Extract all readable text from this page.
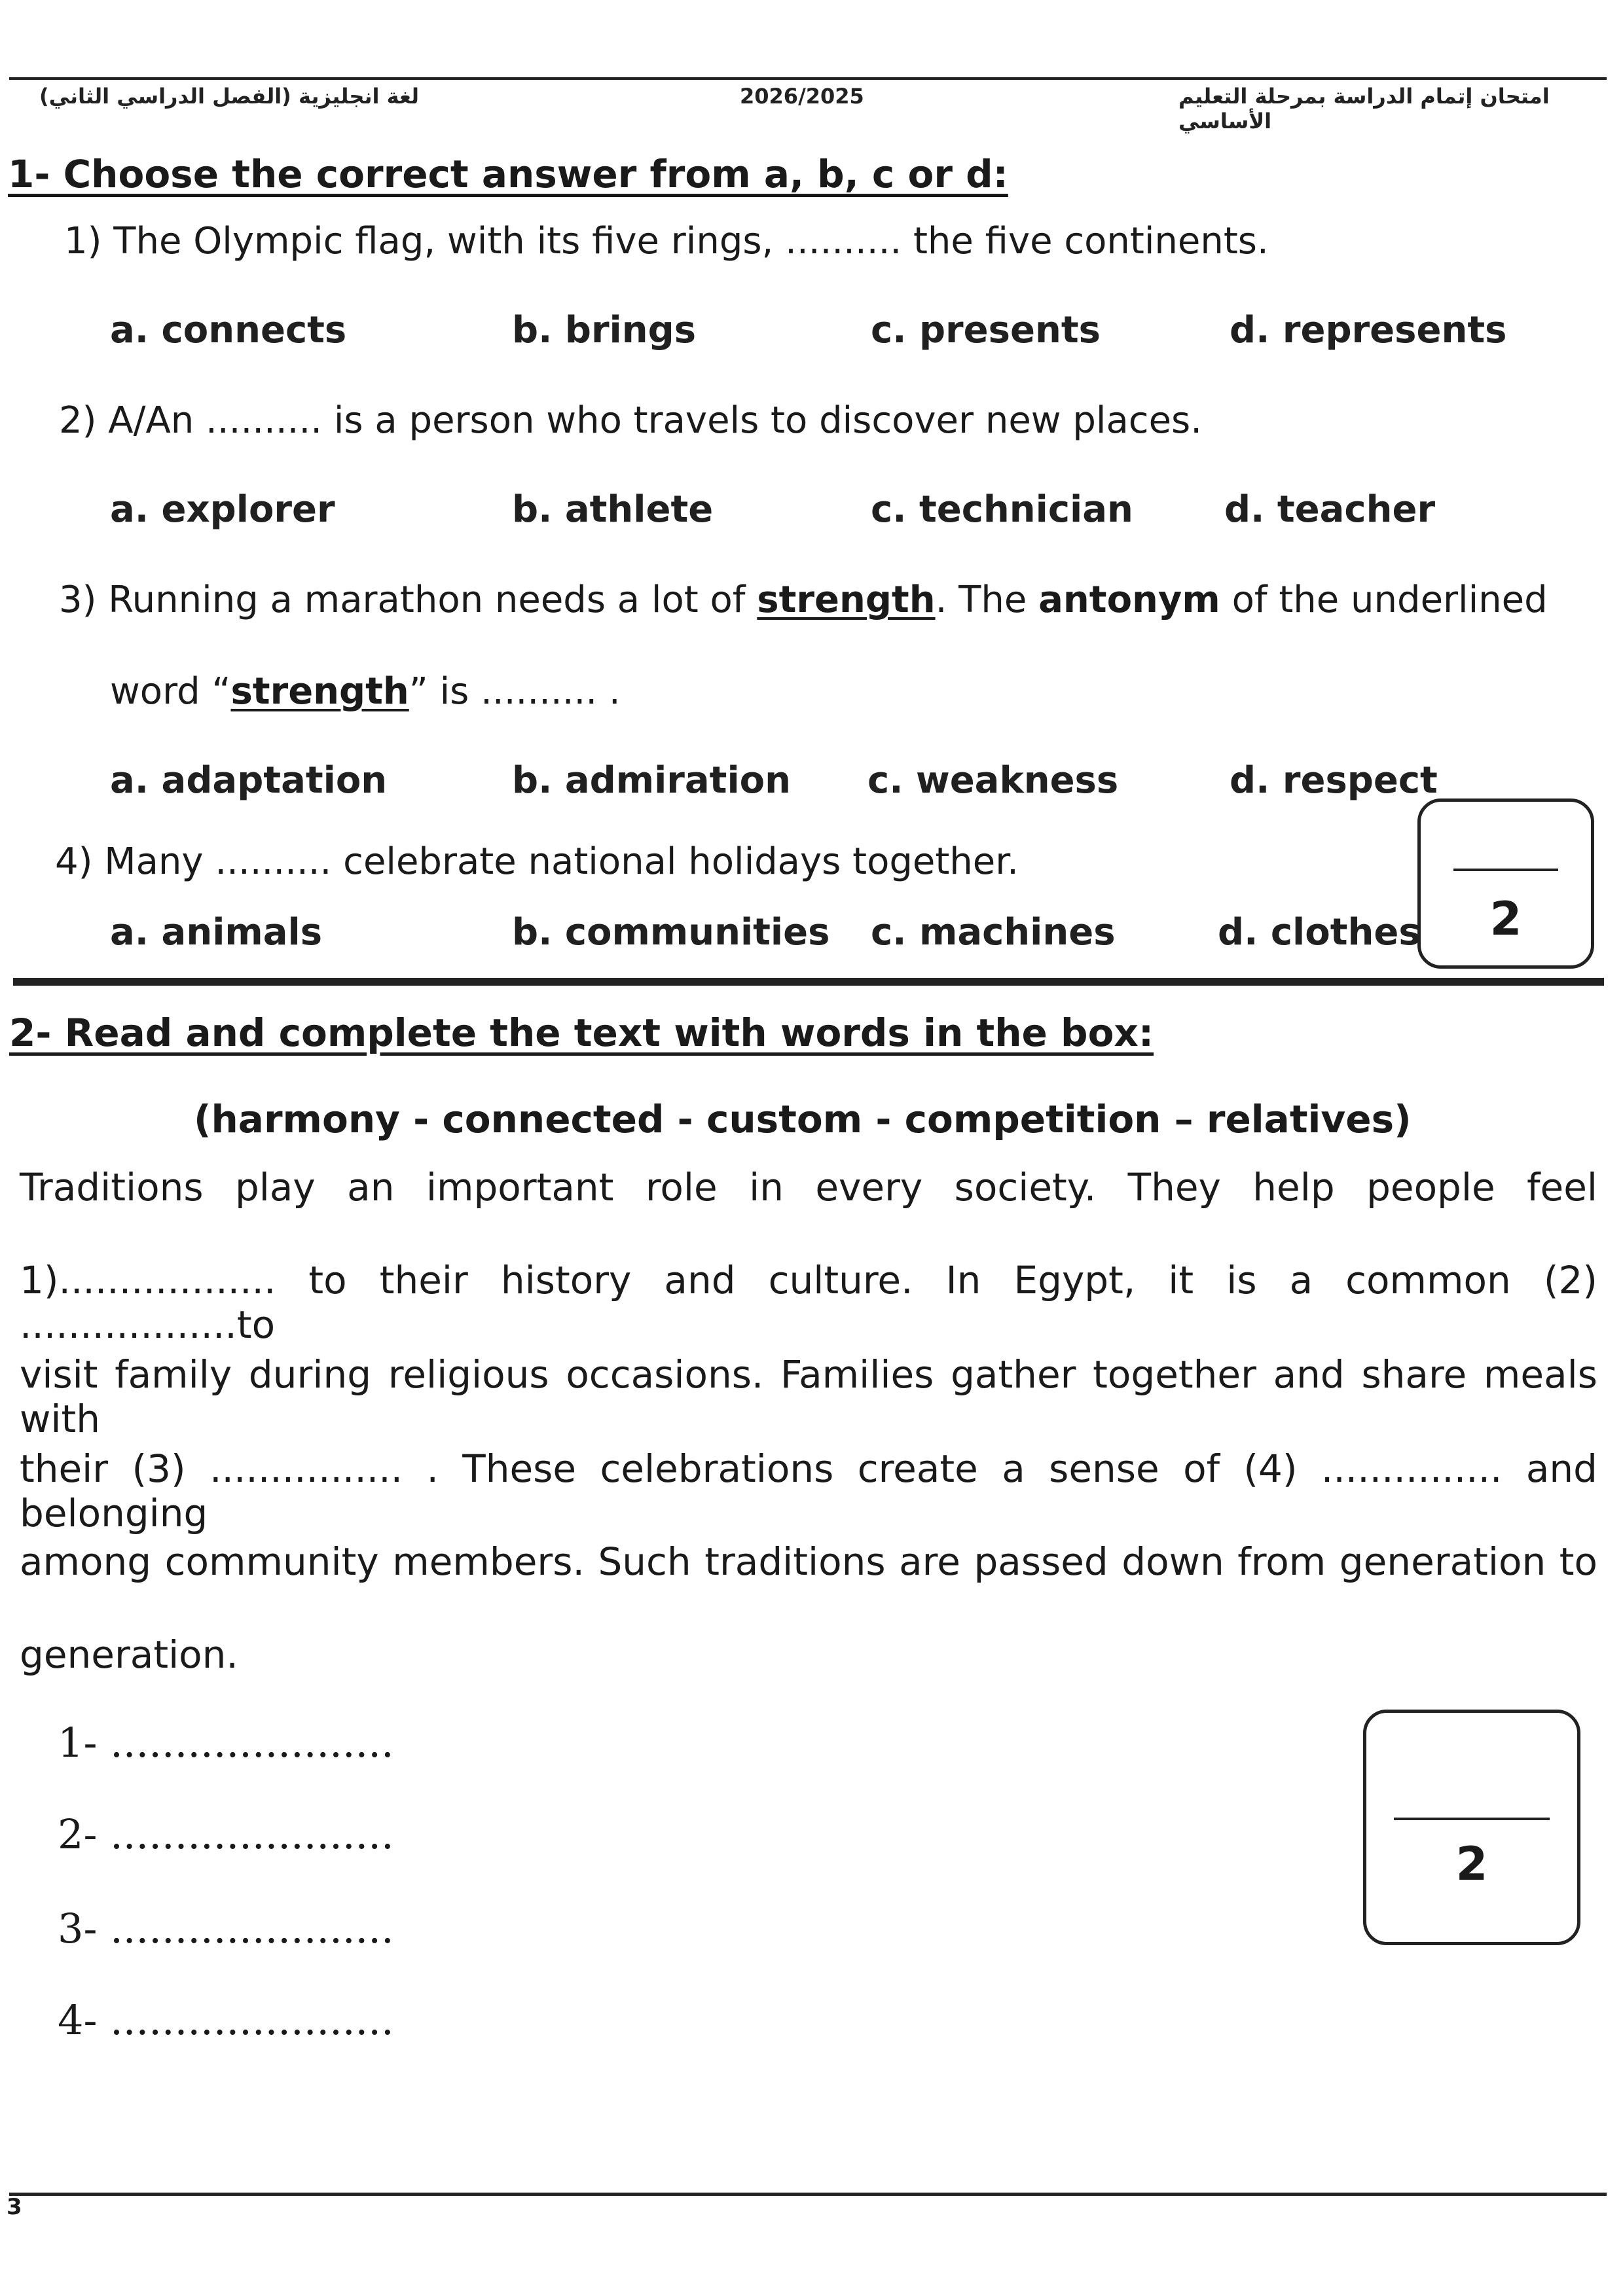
لغة انجليزية (الفصل الدراسي الثاني)	2026/2025	امتحان إتمام الدراسة بمرحلة التعليم الأساسي
1- Choose the correct answer from a, b, c or d:
1) The Olympic flag, with its five rings, .......... the five continents.
a. connects	b. brings	c. presents	d. represents
2) A/An .......... is a person who travels to discover new places.
a. explorer	b. athlete	c. technician d. teacher
3) Running a marathon needs a lot of strength. The antonym of the underlined
word “strength” is .......... .
a. adaptation	b. admiration c. weakness	d. respect
4) Many .......... celebrate national holidays together.
a. animals	b. communities c. machines	d. clothes	2
2- Read and complete the text with words in the box:
(harmony - connected - custom - competition – relatives)
Traditions play an important role in every society. They help people feel
1).................. to their history and culture. In Egypt, it is a common (2) ..................to
visit family during religious occasions. Families gather together and share meals with
their (3) ................ . These celebrations create a sense of (4) ............... and belonging
among community members. Such traditions are passed down from generation to
generation.
1- ......................
2- ......................
3- ......................
4- ......................
2
3
